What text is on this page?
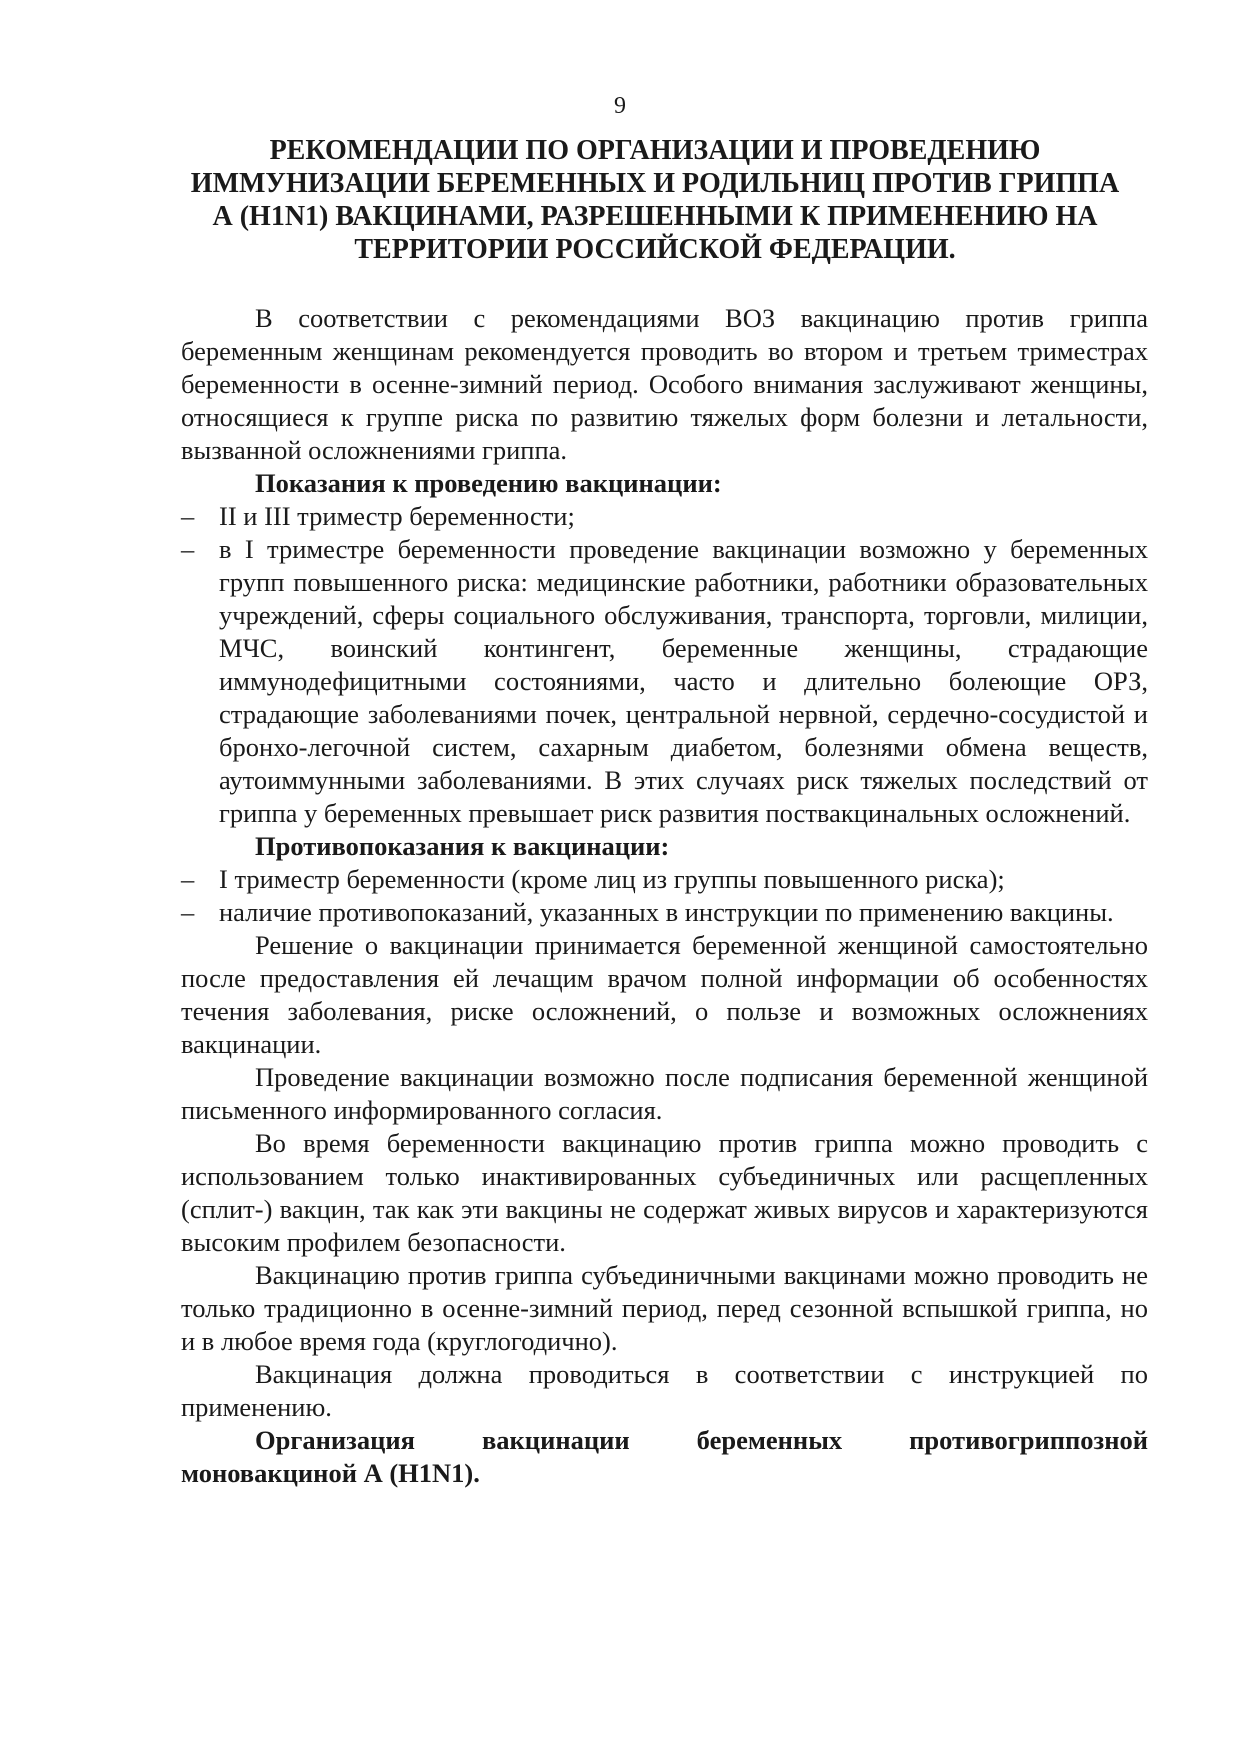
9
РЕКОМЕНДАЦИИ ПО ОРГАНИЗАЦИИ И ПРОВЕДЕНИЮ ИММУНИЗАЦИИ БЕРЕМЕННЫХ И РОДИЛЬНИЦ ПРОТИВ ГРИППА А (H1N1) ВАКЦИНАМИ, РАЗРЕШЕННЫМИ К ПРИМЕНЕНИЮ НА ТЕРРИТОРИИ РОССИЙСКОЙ ФЕДЕРАЦИИ.

В соответствии с рекомендациями ВОЗ вакцинацию против гриппа беременным женщинам рекомендуется проводить во втором и третьем триместрах беременности в осенне-зимний период. Особого внимания заслуживают женщины, относящиеся к группе риска по развитию тяжелых форм болезни и летальности, вызванной осложнениями гриппа.

Показания к проведению вакцинации:
– II и III триместр беременности;
– в I триместре беременности проведение вакцинации возможно у беременных групп повышенного риска: медицинские работники, работники образовательных учреждений, сферы социального обслуживания, транспорта, торговли, милиции, МЧС, воинский контингент, беременные женщины, страдающие иммунодефицитными состояниями, часто и длительно болеющие ОРЗ, страдающие заболеваниями почек, центральной нервной, сердечно-сосудистой и бронхо-легочной систем, сахарным диабетом, болезнями обмена веществ, аутоиммунными заболеваниями. В этих случаях риск тяжелых последствий от гриппа у беременных превышает риск развития поствакцинальных осложнений.
Противопоказания к вакцинации:
– I триместр беременности (кроме лиц из группы повышенного риска);
– наличие противопоказаний, указанных в инструкции по применению вакцины.

Решение о вакцинации принимается беременной женщиной самостоятельно после предоставления ей лечащим врачом полной информации об особенностях течения заболевания, риске осложнений, о пользе и возможных осложнениях вакцинации.

Проведение вакцинации возможно после подписания беременной женщиной письменного информированного согласия.

Во время беременности вакцинацию против гриппа можно проводить с использованием только инактивированных субъединичных или расщепленных (сплит-) вакцин, так как эти вакцины не содержат живых вирусов и характеризуются высоким профилем безопасности.

Вакцинацию против гриппа субъединичными вакцинами можно проводить не только традиционно в осенне-зимний период, перед сезонной вспышкой гриппа, но и в любое время года (круглогодично).

Вакцинация должна проводиться в соответствии с инструкцией по применению.

Организация вакцинации беременных противогриппозной моновакциной А (H1N1).
